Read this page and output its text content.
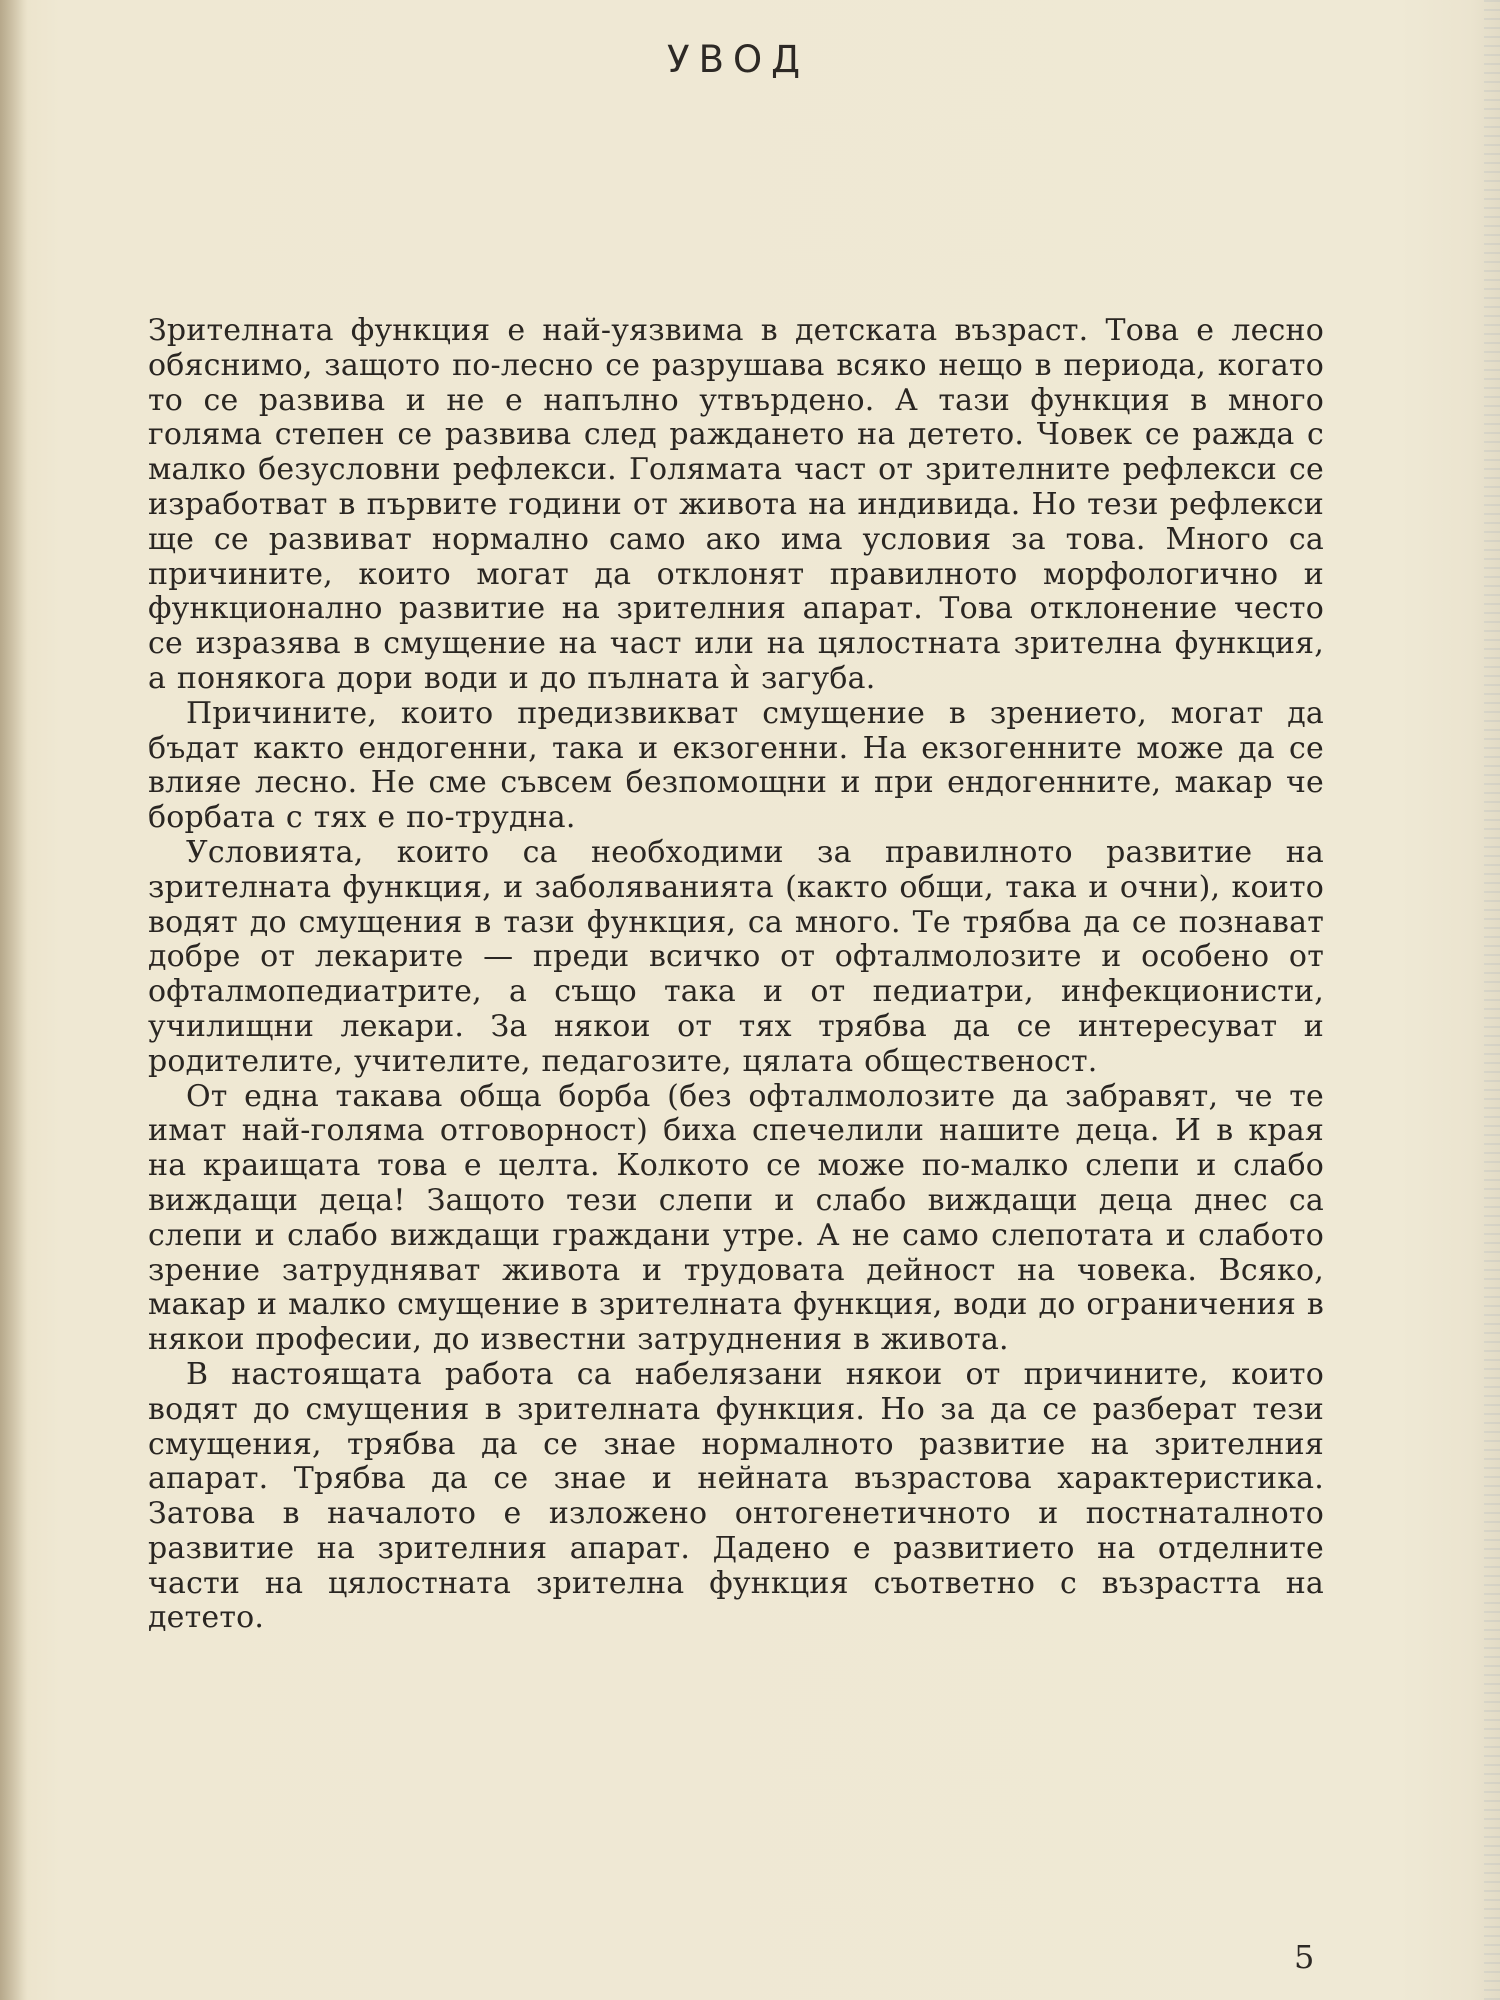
УВОД

Зрителната функция е най-уязвима в детската възраст. Това е лесно обяснимо, защото по-лесно се разрушава всяко нещо в периода, когато то се развива и не е напълно утвърдено. А тази функция в много голяма степен се развива след раждането на детето. Човек се ражда с малко безусловни рефлекси. Голямата част от зрителните рефлекси се изработват в първите години от живота на индивида. Но тези рефлекси ще се развиват нормално само ако има условия за това. Много са причините, които могат да отклонят правилното морфологично и функционално развитие на зрителния апарат. Това отклонение често се изразява в смущение на част или на цялостната зрителна функция, а понякога дори води и до пълната ѝ загуба.

Причините, които предизвикват смущение в зрението, могат да бъдат както ендогенни, така и екзогенни. На екзогенните може да се влияе лесно. Не сме съвсем безпомощни и при ендогенните, макар че борбата с тях е по-трудна.

Условията, които са необходими за правилното развитие на зрителната функция, и заболяванията (както общи, така и очни), които водят до смущения в тази функция, са много. Те трябва да се познават добре от лекарите — преди всичко от офталмолозите и особено от офталмопедиатрите, а също така и от педиатри, инфекционисти, училищни лекари. За някои от тях трябва да се интересуват и родителите, учителите, педагозите, цялата общественост.

От една такава обща борба (без офталмолозите да забравят, че те имат най-голяма отговорност) биха спечелили нашите деца. И в края на краищата това е целта. Колкото се може по-малко слепи и слабо виждащи деца! Защото тези слепи и слабо виждащи деца днес са слепи и слабо виждащи граждани утре. А не само слепотата и слабото зрение затрудняват живота и трудовата дейност на човека. Всяко, макар и малко смущение в зрителната функция, води до ограничения в някои професии, до известни затруднения в живота.

В настоящата работа са набелязани някои от причините, които водят до смущения в зрителната функция. Но за да се разберат тези смущения, трябва да се знае нормалното развитие на зрителния апарат. Трябва да се знае и нейната възрастова характеристика. Затова в началото е изложено онтогенетичното и постнаталното развитие на зрителния апарат. Дадено е развитието на отделните части на цялостната зрителна функция съответно с възрастта на детето.

5
